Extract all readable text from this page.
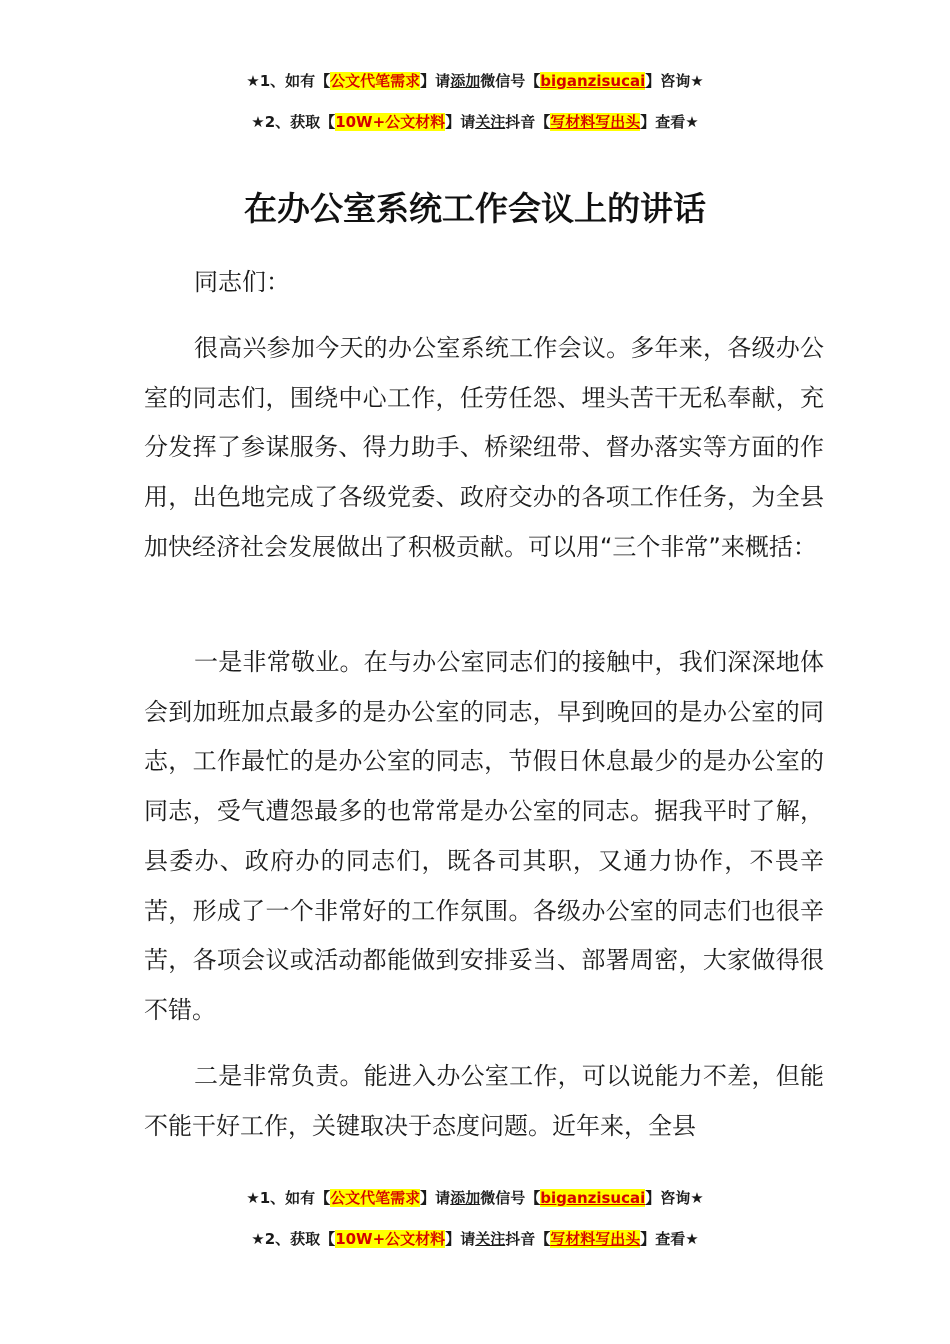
★1、如有【公文代笔需求】请添加微信号【biganzisucai】咨询★
★2、获取【10W+公文材料】请关注抖音【写材料写出头】查看★
在办公室系统工作会议上的讲话
同志们：
很高兴参加今天的办公室系统工作会议。多年来，各级办公室的同志们，围绕中心工作，任劳任怨、埋头苦干无私奉献，充分发挥了参谋服务、得力助手、桥梁纽带、督办落实等方面的作用，出色地完成了各级党委、政府交办的各项工作任务，为全县加快经济社会发展做出了积极贡献。可以用“三个非常”来概括：
一是非常敬业。在与办公室同志们的接触中，我们深深地体会到加班加点最多的是办公室的同志，早到晚回的是办公室的同志，工作最忙的是办公室的同志，节假日休息最少的是办公室的同志，受气遭怨最多的也常常是办公室的同志。据我平时了解，县委办、政府办的同志们，既各司其职，又通力协作，不畏辛苦，形成了一个非常好的工作氛围。各级办公室的同志们也很辛苦，各项会议或活动都能做到安排妥当、部署周密，大家做得很不错。
二是非常负责。能进入办公室工作，可以说能力不差，但能不能干好工作，关键取决于态度问题。近年来，全县
★1、如有【公文代笔需求】请添加微信号【biganzisucai】咨询★
★2、获取【10W+公文材料】请关注抖音【写材料写出头】查看★
